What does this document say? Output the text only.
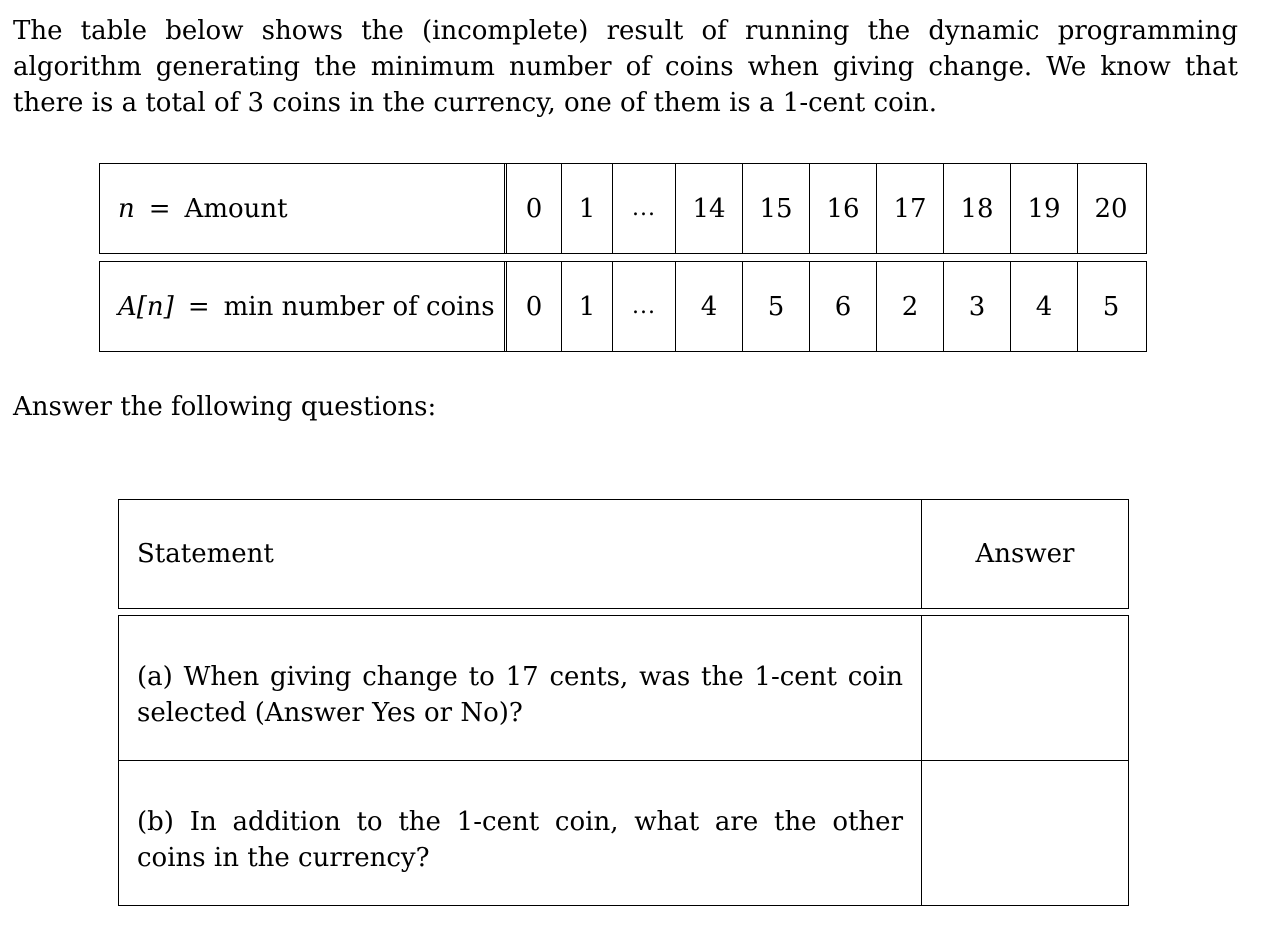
The table below shows the (incomplete) result of running the dynamic programming algorithm generating the minimum number of coins when giving change. We know that there is a total of 3 coins in the currency, one of them is a 1-cent coin.

n = Amount	0	1	...	14	15	16	17	18	19	20
A[n] = min number of coins	0	1	...	4	5	6	2	3	4	5

Answer the following questions:

Statement	Answer
(a) When giving change to 17 cents, was the 1-cent coin selected (Answer Yes or No)?
(b) In addition to the 1-cent coin, what are the other coins in the currency?
